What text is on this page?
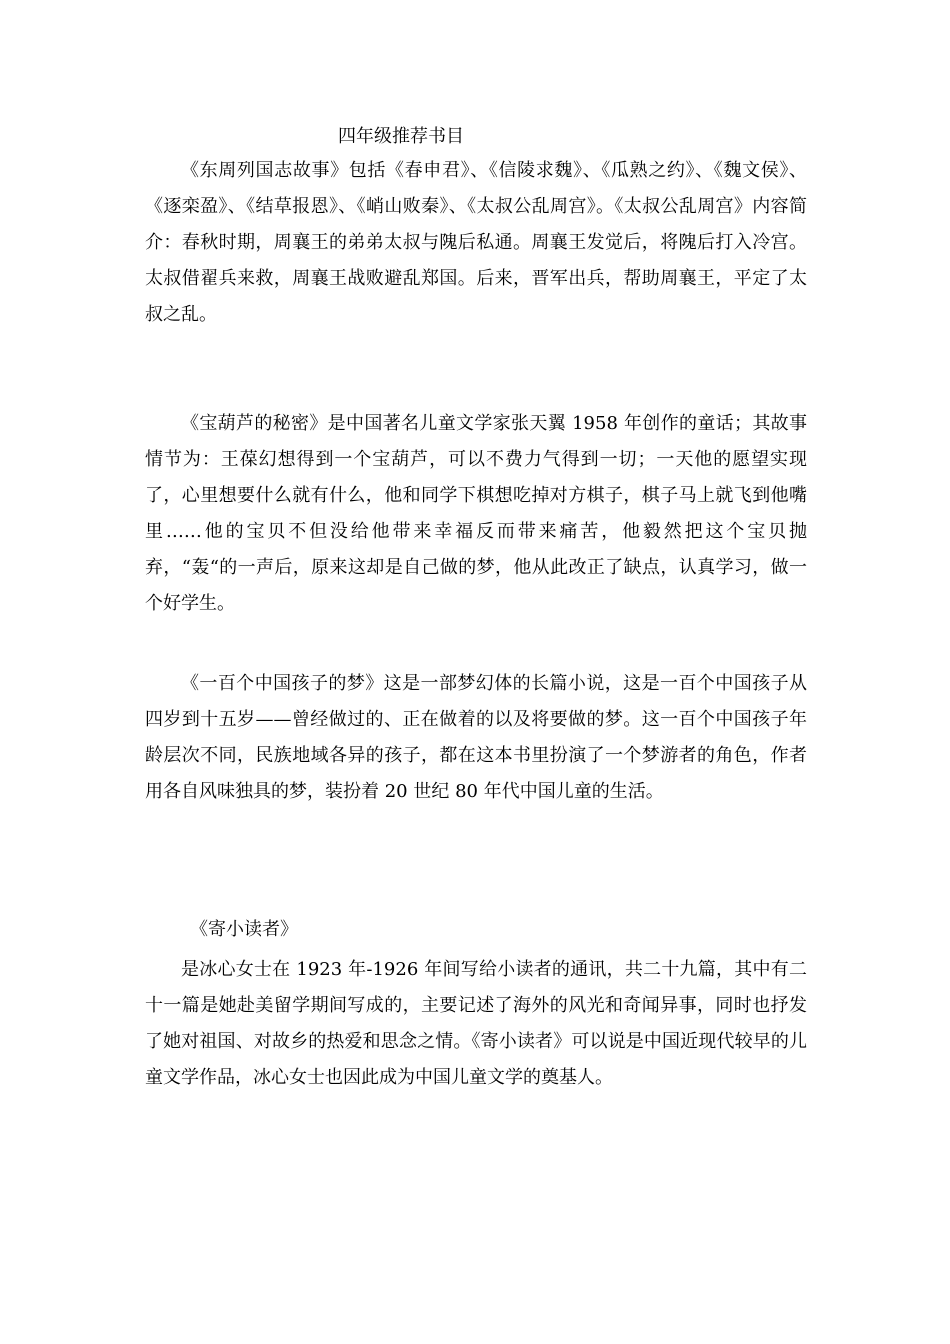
四年级推荐书目

《东周列国志故事》包括《春申君》、《信陵求魏》、《瓜熟之约》、《魏文侯》、《逐栾盈》、《结草报恩》、《峭山败秦》、《太叔公乱周宫》。《太叔公乱周宫》内容简介：春秋时期，周襄王的弟弟太叔与隗后私通。周襄王发觉后，将隗后打入冷宫。太叔借翟兵来救，周襄王战败避乱郑国。后来，晋军出兵，帮助周襄王，平定了太叔之乱。

《宝葫芦的秘密》是中国著名儿童文学家张天翼 1958 年创作的童话；其故事情节为：王葆幻想得到一个宝葫芦，可以不费力气得到一切；一天他的愿望实现了，心里想要什么就有什么，他和同学下棋想吃掉对方棋子，棋子马上就飞到他嘴里……他的宝贝不但没给他带来幸福反而带来痛苦，他毅然把这个宝贝抛弃，“轰“的一声后，原来这却是自己做的梦，他从此改正了缺点，认真学习，做一个好学生。

《一百个中国孩子的梦》这是一部梦幻体的长篇小说，这是一百个中国孩子从四岁到十五岁——曾经做过的、正在做着的以及将要做的梦。这一百个中国孩子年龄层次不同，民族地域各异的孩子，都在这本书里扮演了一个梦游者的角色，作者用各自风味独具的梦，装扮着 20 世纪 80 年代中国儿童的生活。

《寄小读者》

是冰心女士在 1923 年-1926 年间写给小读者的通讯，共二十九篇，其中有二十一篇是她赴美留学期间写成的，主要记述了海外的风光和奇闻异事，同时也抒发了她对祖国、对故乡的热爱和思念之情。《寄小读者》可以说是中国近现代较早的儿童文学作品，冰心女士也因此成为中国儿童文学的奠基人。
